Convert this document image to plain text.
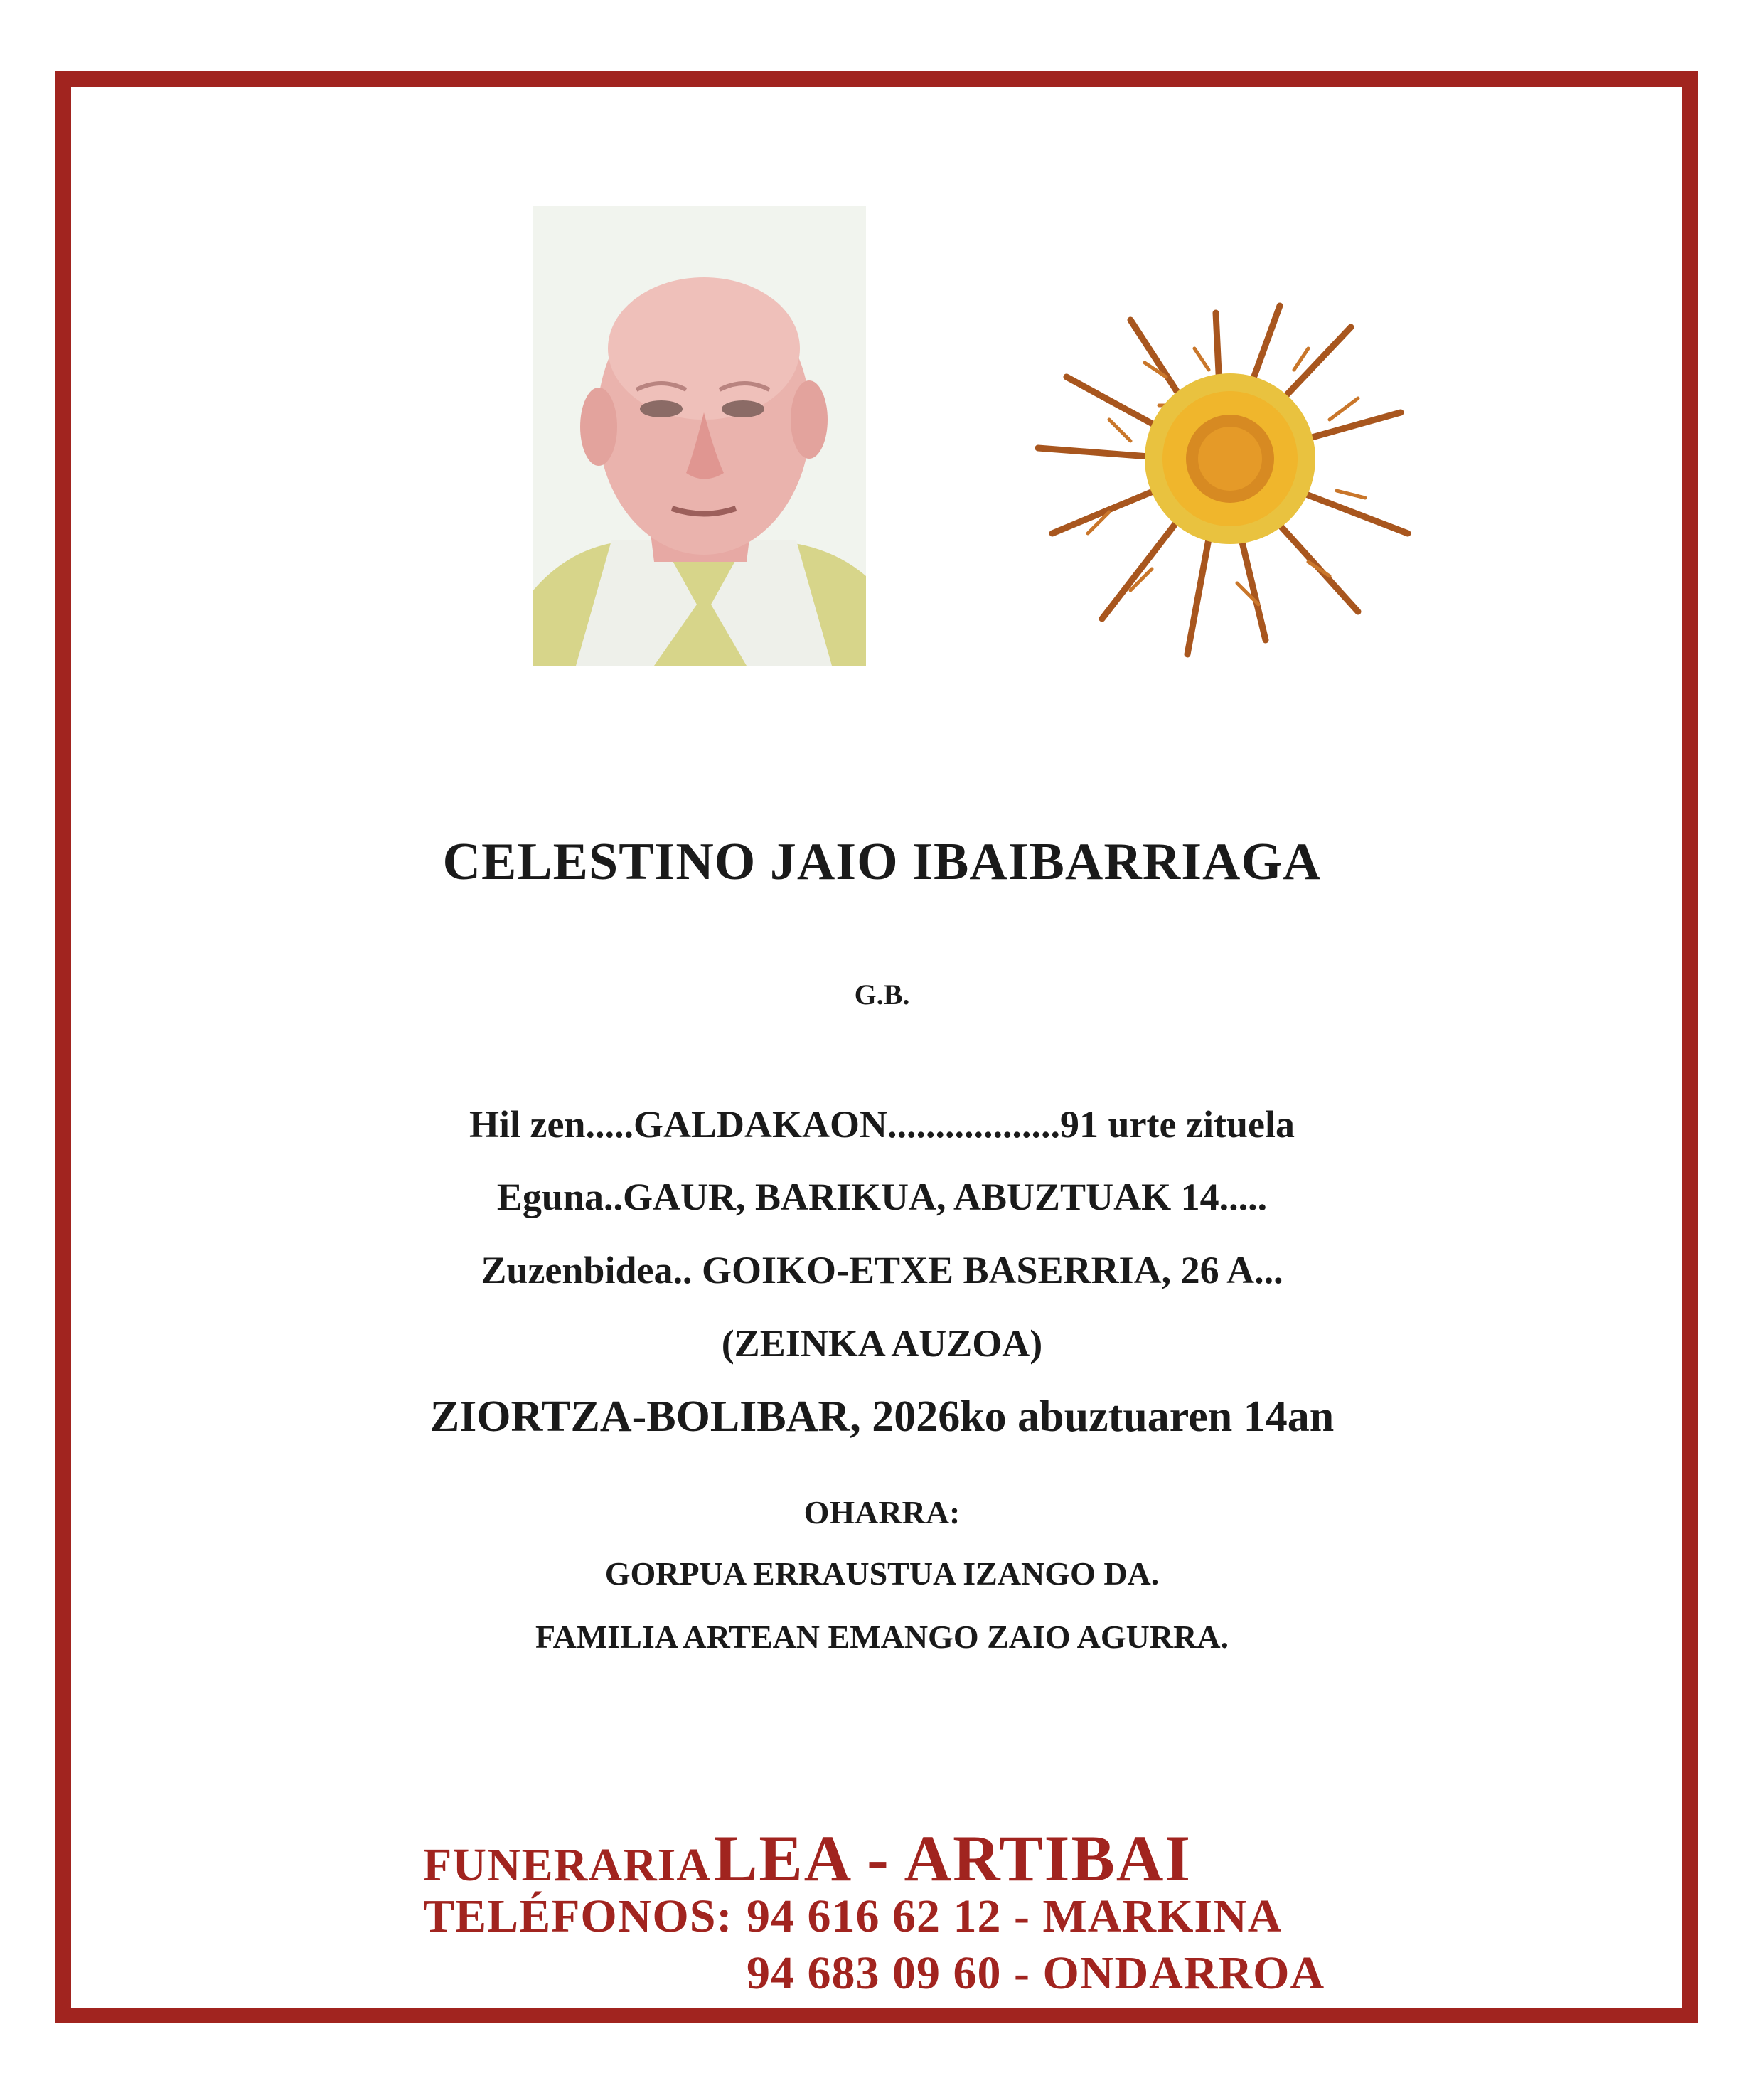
CELESTINO JAIO IBAIBARRIAGA
G.B.
Hil zen.....GALDAKAON..................91 urte zituela
Eguna..GAUR, BARIKUA, ABUZTUAK 14.....
Zuzenbidea.. GOIKO-ETXE BASERRIA, 26 A...
(ZEINKA AUZOA)
ZIORTZA-BOLIBAR, 2026ko abuztuaren 14an
OHARRA:
GORPUA ERRAUSTUA IZANGO DA.
FAMILIA ARTEAN EMANGO ZAIO AGURRA.
FUNERARIA LEA - ARTIBAI
TELÉFONOS: 94 616 62 12 - MARKINA
94 683 09 60 - ONDARROA
